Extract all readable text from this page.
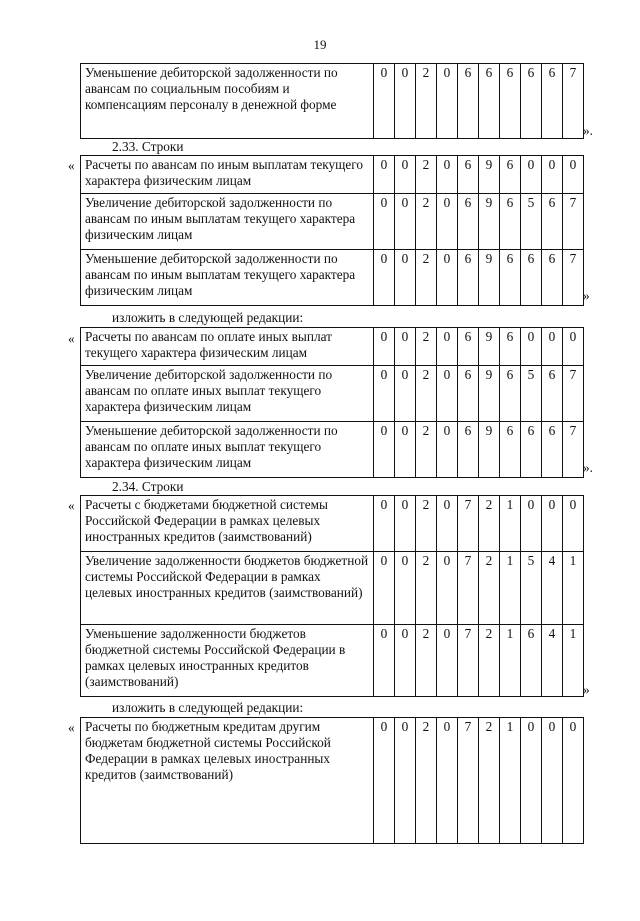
19
Уменьшение дебиторской задолженности по авансам по социальным пособиям и компенсациям персоналу в денежной форме	0	0	2	0	6	6	6	6	6	7
».
2.33. Строки
« Расчеты по авансам по иным выплатам текущего характера физическим лицам	0	0	2	0	6	9	6	0	0	0
Увеличение дебиторской задолженности по авансам по иным выплатам текущего характера физическим лицам	0	0	2	0	6	9	6	5	6	7
Уменьшение дебиторской задолженности по авансам по иным выплатам текущего характера физическим лицам	0	0	2	0	6	9	6	6	6	7
»
изложить в следующей редакции:
« Расчеты по авансам по оплате иных выплат текущего характера физическим лицам	0	0	2	0	6	9	6	0	0	0
Увеличение дебиторской задолженности по авансам по оплате иных выплат текущего характера физическим лицам	0	0	2	0	6	9	6	5	6	7
Уменьшение дебиторской задолженности по авансам по оплате иных выплат текущего характера физическим лицам	0	0	2	0	6	9	6	6	6	7
».
2.34. Строки
« Расчеты с бюджетами бюджетной системы Российской Федерации в рамках целевых иностранных кредитов (заимствований)	0	0	2	0	7	2	1	0	0	0
Увеличение задолженности бюджетов бюджетной системы Российской Федерации в рамках целевых иностранных кредитов (заимствований)	0	0	2	0	7	2	1	5	4	1
Уменьшение задолженности бюджетов бюджетной системы Российской Федерации в рамках целевых иностранных кредитов (заимствований)	0	0	2	0	7	2	1	6	4	1
»
изложить в следующей редакции:
« Расчеты по бюджетным кредитам другим бюджетам бюджетной системы Российской Федерации в рамках целевых иностранных кредитов (заимствований)	0	0	2	0	7	2	1	0	0	0
